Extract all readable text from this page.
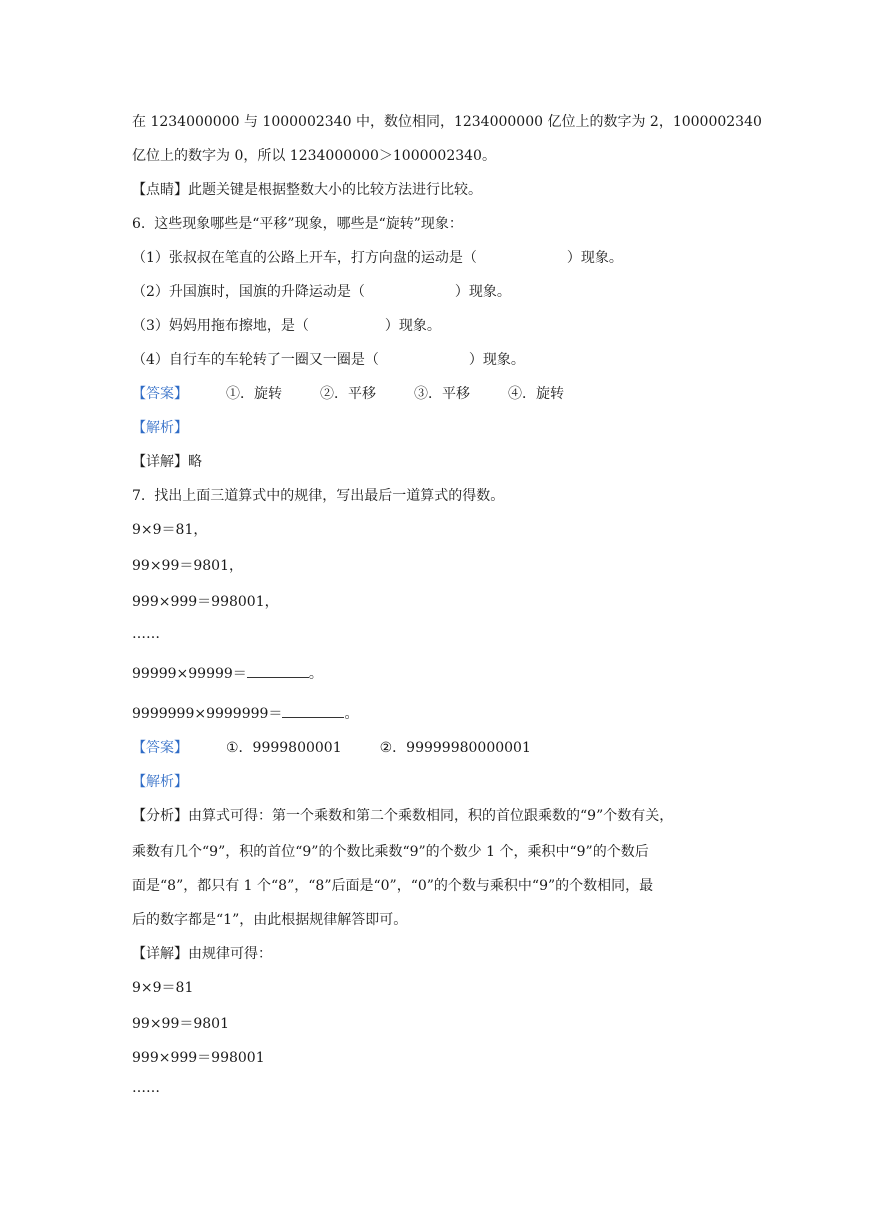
在 1234000000 与 1000002340 中，数位相同，1234000000 亿位上的数字为 2，1000002340
亿位上的数字为 0，所以 1234000000＞1000002340。
【点睛】此题关键是根据整数大小的比较方法进行比较。
6.  这些现象哪些是“平移”现象，哪些是“旋转”现象：
（1）张叔叔在笔直的公路上开车，打方向盘的运动是（	）现象。
（2）升国旗时，国旗的升降运动是（	）现象。
（3）妈妈用拖布擦地，是（	）现象。
（4）自行车的车轮转了一圈又一圈是（	）现象。
【答案】	①．旋转	②．平移	③．平移	④．旋转
【解析】
【详解】略
7.  找出上面三道算式中的规律，写出最后一道算式的得数。
9×9＝81，
99×99＝9801，
999×999＝998001，
……
99999×99999＝	。
9999999×9999999＝	。
【答案】	①．9999800001	②．99999980000001
【解析】
【分析】由算式可得：第一个乘数和第二个乘数相同，积的首位跟乘数的“9”个数有关，
乘数有几个“9”，积的首位“9”的个数比乘数“9”的个数少 1 个，乘积中“9”的个数后
面是“8”，都只有 1 个“8”，“8”后面是“0”，“0”的个数与乘积中“9”的个数相同，最
后的数字都是“1”，由此根据规律解答即可。
【详解】由规律可得：
9×9＝81
99×99＝9801
999×999＝998001
……
